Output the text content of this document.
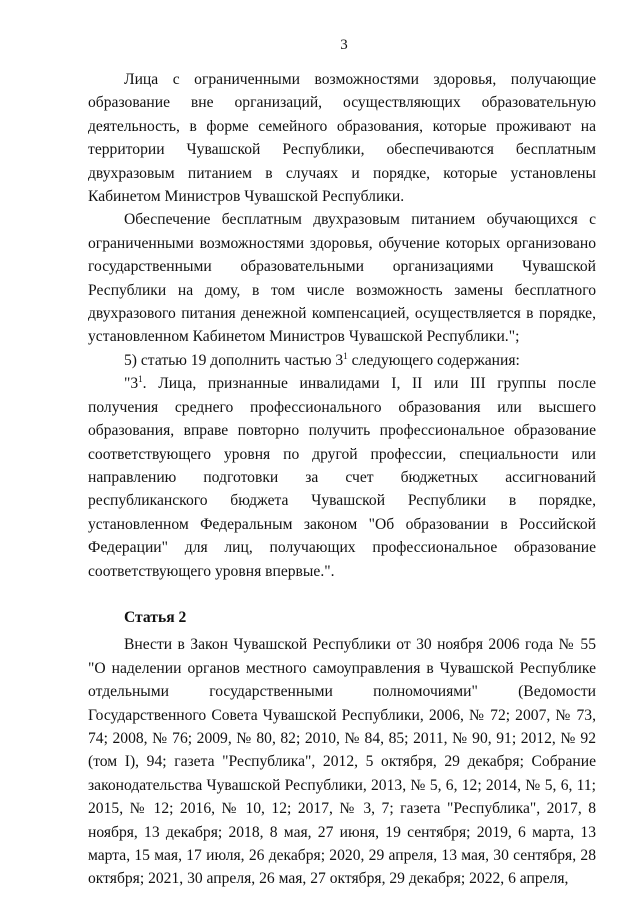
3

Лица с ограниченными возможностями здоровья, получающие образование вне организаций, осуществляющих образовательную деятельность, в форме семейного образования, которые проживают на территории Чувашской Республики, обеспечиваются бесплатным двухразовым питанием в случаях и порядке, которые установлены Кабинетом Министров Чувашской Республики.

Обеспечение бесплатным двухразовым питанием обучающихся с ограниченными возможностями здоровья, обучение которых организовано государственными образовательными организациями Чувашской Республики на дому, в том числе возможность замены бесплатного двухразового питания денежной компенсацией, осуществляется в порядке, установленном Кабинетом Министров Чувашской Республики.";

5) статью 19 дополнить частью $3^1$ следующего содержания:

"$3^1$. Лица, признанные инвалидами I, II или III группы после получения среднего профессионального образования или высшего образования, вправе повторно получить профессиональное образование соответствующего уровня по другой профессии, специальности или направлению подготовки за счет бюджетных ассигнований республиканского бюджета Чувашской Республики в порядке, установленном Федеральным законом "Об образовании в Российской Федерации" для лиц, получающих профессиональное образование соответствующего уровня впервые.".

Статья 2

Внести в Закон Чувашской Республики от 30 ноября 2006 года № 55 "О наделении органов местного самоуправления в Чувашской Республике отдельными государственными полномочиями" (Ведомости Государственного Совета Чувашской Республики, 2006, № 72; 2007, № 73, 74; 2008, № 76; 2009, № 80, 82; 2010, № 84, 85; 2011, № 90, 91; 2012, № 92 (том I), 94; газета "Республика", 2012, 5 октября, 29 декабря; Собрание законодательства Чувашской Республики, 2013, № 5, 6, 12; 2014, № 5, 6, 11; 2015, № 12; 2016, № 10, 12; 2017, № 3, 7; газета "Республика", 2017, 8 ноября, 13 декабря; 2018, 8 мая, 27 июня, 19 сентября; 2019, 6 марта, 13 марта, 15 мая, 17 июля, 26 декабря; 2020, 29 апреля, 13 мая, 30 сентября, 28 октября; 2021, 30 апреля, 26 мая, 27 октября, 29 декабря; 2022, 6 апреля,
